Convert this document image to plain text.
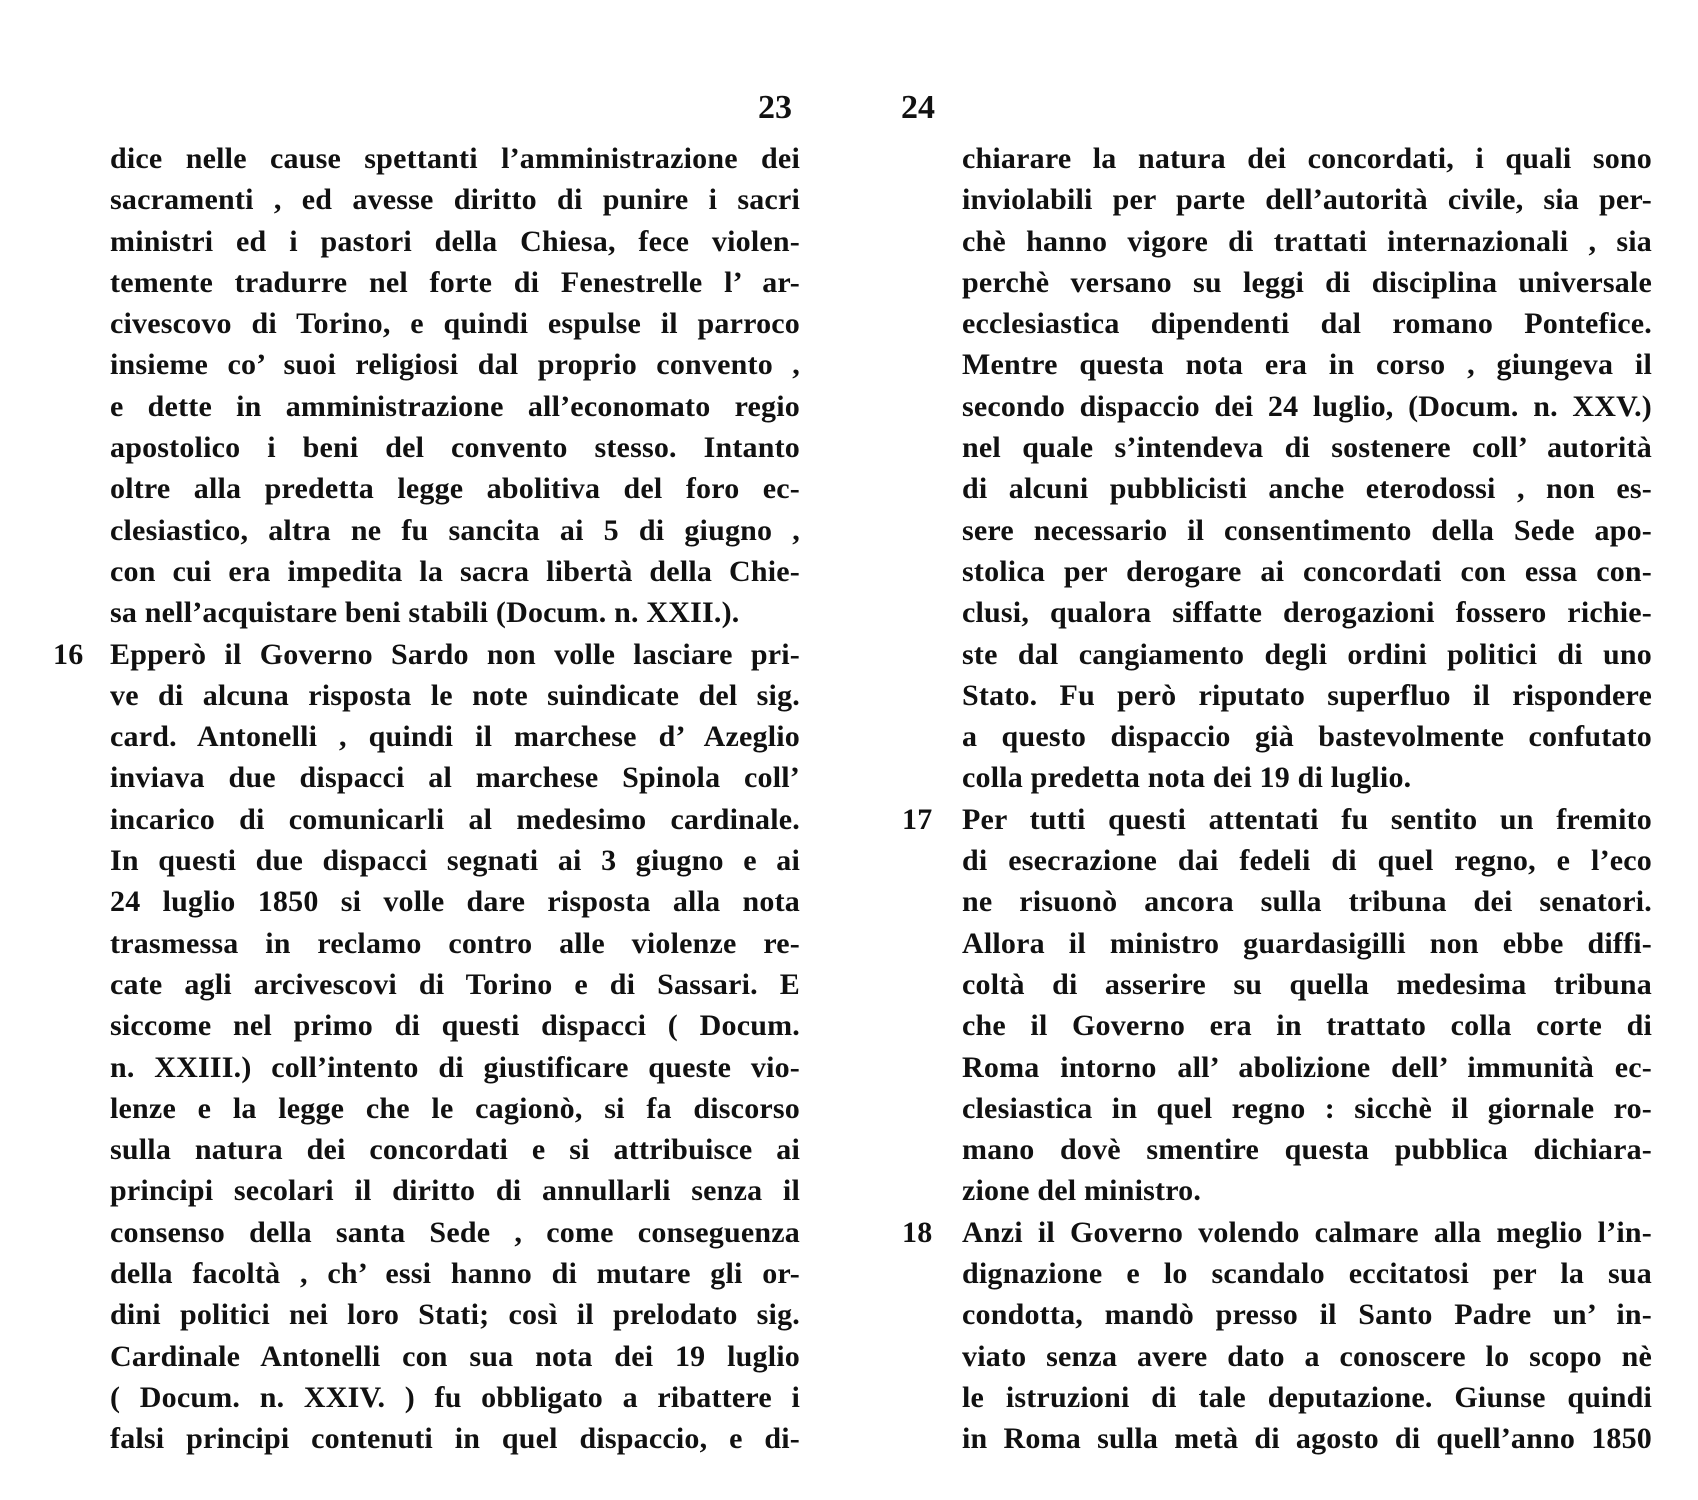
23
dice nelle cause spettanti l’amministrazione dei
sacramenti , ed avesse diritto di punire i sacri
ministri ed i pastori della Chiesa, fece violen-
temente tradurre nel forte di Fenestrelle l’ ar-
civescovo di Torino, e quindi espulse il parroco
insieme co’ suoi religiosi dal proprio convento ,
e dette in amministrazione all’economato regio
apostolico i beni del convento stesso. Intanto
oltre alla predetta legge abolitiva del foro ec-
clesiastico, altra ne fu sancita ai 5 di giugno ,
con cui era impedita la sacra libertà della Chie-
sa nell’acquistare beni stabili (Docum. n. XXII.).
16 Epperò il Governo Sardo non volle lasciare pri-
ve di alcuna risposta le note suindicate del sig.
card. Antonelli , quindi il marchese d’ Azeglio
inviava due dispacci al marchese Spinola coll’
incarico di comunicarli al medesimo cardinale.
In questi due dispacci segnati ai 3 giugno e ai
24 luglio 1850 si volle dare risposta alla nota
trasmessa in reclamo contro alle violenze re-
cate agli arcivescovi di Torino e di Sassari. E
siccome nel primo di questi dispacci ( Docum.
n. XXIII.) coll’intento di giustificare queste vio-
lenze e la legge che le cagionò, si fa discorso
sulla natura dei concordati e si attribuisce ai
principi secolari il diritto di annullarli senza il
consenso della santa Sede , come conseguenza
della facoltà , ch’ essi hanno di mutare gli or-
dini politici nei loro Stati; così il prelodato sig.
Cardinale Antonelli con sua nota dei 19 luglio
( Docum. n. XXIV. ) fu obbligato a ribattere i
falsi principi contenuti in quel dispaccio, e di-
24
chiarare la natura dei concordati, i quali sono
inviolabili per parte dell’autorità civile, sia per-
chè hanno vigore di trattati internazionali , sia
perchè versano su leggi di disciplina universale
ecclesiastica dipendenti dal romano Pontefice.
Mentre questa nota era in corso , giungeva il
secondo dispaccio dei 24 luglio, (Docum. n. XXV.)
nel quale s’intendeva di sostenere coll’ autorità
di alcuni pubblicisti anche eterodossi , non es-
sere necessario il consentimento della Sede apo-
stolica per derogare ai concordati con essa con-
clusi, qualora siffatte derogazioni fossero richie-
ste dal cangiamento degli ordini politici di uno
Stato. Fu però riputato superfluo il rispondere
a questo dispaccio già bastevolmente confutato
colla predetta nota dei 19 di luglio.
17 Per tutti questi attentati fu sentito un fremito
di esecrazione dai fedeli di quel regno, e l’eco
ne risuonò ancora sulla tribuna dei senatori.
Allora il ministro guardasigilli non ebbe diffi-
coltà di asserire su quella medesima tribuna
che il Governo era in trattato colla corte di
Roma intorno all’ abolizione dell’ immunità ec-
clesiastica in quel regno : sicchè il giornale ro-
mano dovè smentire questa pubblica dichiara-
zione del ministro.
18 Anzi il Governo volendo calmare alla meglio l’in-
dignazione e lo scandalo eccitatosi per la sua
condotta, mandò presso il Santo Padre un’ in-
viato senza avere dato a conoscere lo scopo nè
le istruzioni di tale deputazione. Giunse quindi
in Roma sulla metà di agosto di quell’anno 1850
